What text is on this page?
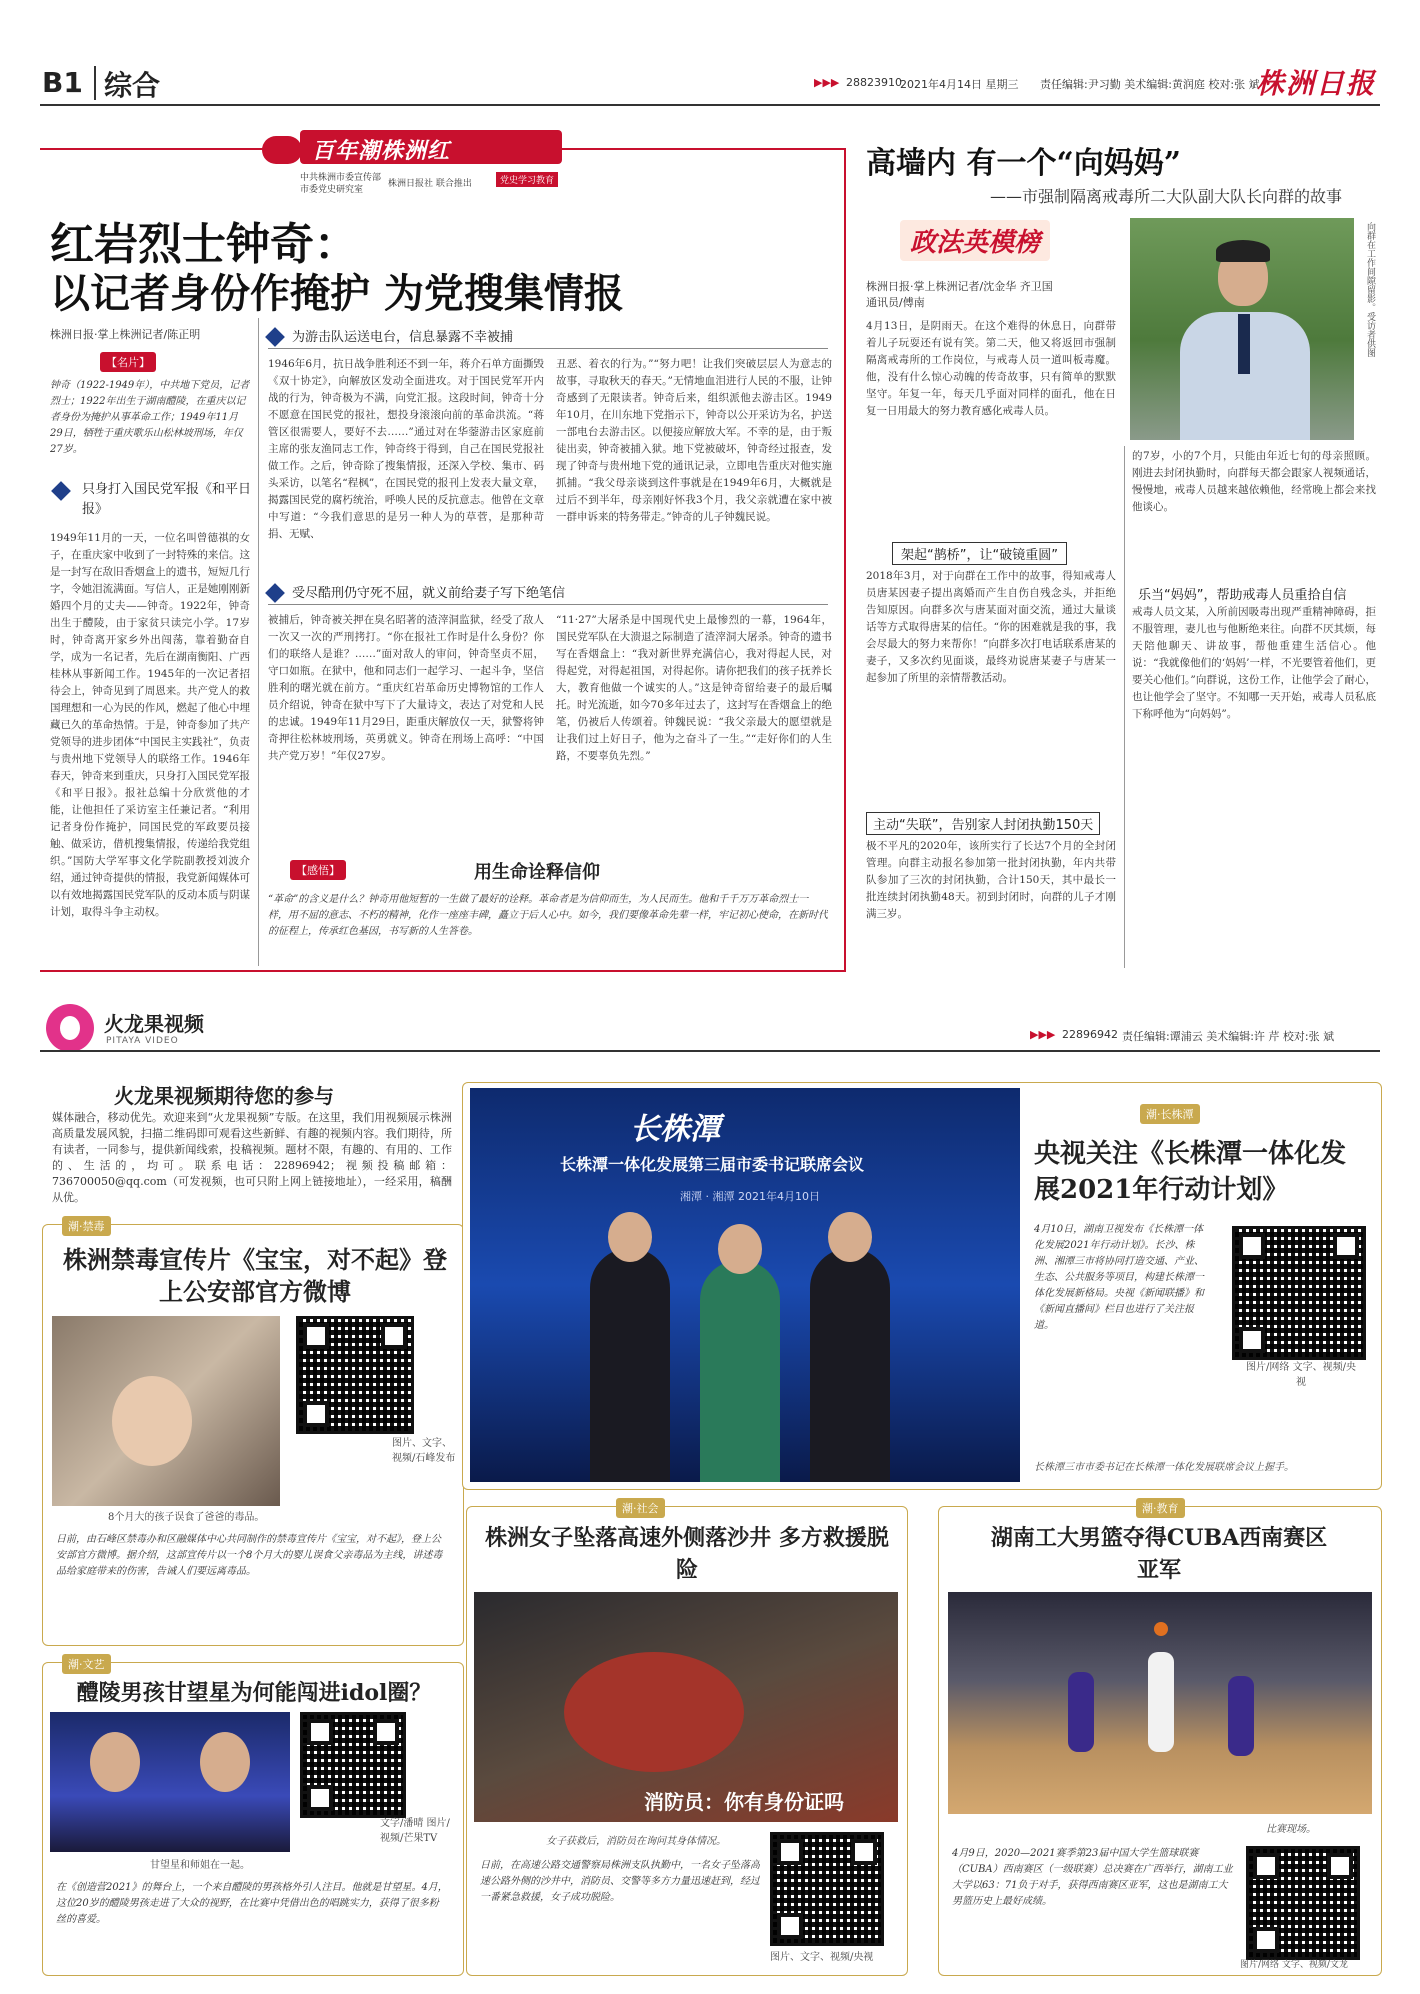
B1 综合	▶▶▶ 28823910
2021年4月14日 星期三 责任编辑:尹习勤 美术编辑:黄润庭 校对:张 斌
株洲日报
百年潮株洲红
中共株洲市委宣传部
市委党史研究室
株洲日报社 联合推出	党史学习教育
红岩烈士钟奇：
以记者身份作掩护 为党搜集情报
株洲日报·掌上株洲记者/陈正明
【名片】
钟奇（1922-1949年），中共地下党员，记者烈士；1922年出生于湖南醴陵，在重庆以记者身份为掩护从事革命工作；1949年11月29日，牺牲于重庆歌乐山松林坡刑场，年仅27岁。
只身打入国民党军报《和平日报》
1949年11月的一天，一位名叫曾德祺的女子，在重庆家中收到了一封特殊的来信。这是一封写在敌旧香烟盒上的遗书，短短几行字，令她泪流满面。写信人，正是她刚刚新婚四个月的丈夫——钟奇。1922年，钟奇出生于醴陵，由于家贫只读完小学。17岁时，钟奇离开家乡外出闯荡，靠着勤奋自学，成为一名记者，先后在湖南衡阳、广西桂林从事新闻工作。1945年的一次记者招待会上，钟奇见到了周恩来。共产党人的救国理想和一心为民的作风，燃起了他心中埋藏已久的革命热情。于是，钟奇参加了共产党领导的进步团体“中国民主实践社”，负责与贵州地下党领导人的联络工作。1946年春天，钟奇来到重庆，只身打入国民党军报《和平日报》。报社总编十分欣赏他的才能，让他担任了采访室主任兼记者。“利用记者身份作掩护，同国民党的军政要员接触、做采访，借机搜集情报，传递给我党组织。”国防大学军事文化学院副教授刘波介绍，通过钟奇提供的情报，我党新闻媒体可以有效地揭露国民党军队的反动本质与阴谋计划，取得斗争主动权。
为游击队运送电台，信息暴露不幸被捕
1946年6月，抗日战争胜利还不到一年，蒋介石单方面撕毁《双十协定》，向解放区发动全面进攻。对于国民党军开内战的行为，钟奇极为不满，向党汇报。这段时间，钟奇十分不愿意在国民党的报社，想投身滚滚向前的革命洪流。“蒋管区很需要人，要好不去……”通过对在华蓥游击区家庭前主席的张友渔同志工作，钟奇终于得到，自己在国民党报社做工作。之后，钟奇除了搜集情报，还深入学校、集市、码头采访，以笔名“程枫”，在国民党的报刊上发表大量文章，揭露国民党的腐朽统治，呼唤人民的反抗意志。他曾在文章中写道：“今我们意思的是另一种人为的草菅，是那种苛捐、无赋、
丑恶、着衣的行为。”“努力吧！让我们突破层层人为意志的故事，寻取秋天的春天。”无情地血泪进行人民的不服，让钟奇感到了无限读者。钟奇后来，组织派他去游击区。1949年10月，在川东地下党指示下，钟奇以公开采访为名，护送一部电台去游击区。以便接应解放大军。不幸的是，由于叛徒出卖，钟奇被捕入狱。地下党被破坏，钟奇经过报查，发现了钟奇与贵州地下党的通讯记录，立即电告重庆对他实施抓捕。“我父母亲谈到这件事就是在1949年6月，大概就是过后不到半年，母亲刚好怀我3个月，我父亲就遭在家中被一群申诉来的特务带走。”钟奇的儿子钟魏民说。
受尽酷刑仍守死不屈，就义前给妻子写下绝笔信
被捕后，钟奇被关押在臭名昭著的渣滓洞监狱，经受了敌人一次又一次的严刑拷打。“你在报社工作时是什么身份？你们的联络人是谁？……”面对敌人的审问，钟奇坚贞不屈，守口如瓶。在狱中，他和同志们一起学习、一起斗争，坚信胜利的曙光就在前方。“重庆红岩革命历史博物馆的工作人员介绍说，钟奇在狱中写下了大量诗文，表达了对党和人民的忠诚。1949年11月29日，距重庆解放仅一天，狱警将钟奇押往松林坡刑场，英勇就义。钟奇在刑场上高呼：“中国共产党万岁！”年仅27岁。
“11·27”大屠杀是中国现代史上最惨烈的一幕，1964年，国民党军队在大溃退之际制造了渣滓洞大屠杀。钟奇的遗书写在香烟盒上：“我对新世界充满信心，我对得起人民，对得起党，对得起祖国，对得起你。请你把我们的孩子抚养长大，教育他做一个诚实的人。”这是钟奇留给妻子的最后嘱托。时光流逝，如今70多年过去了，这封写在香烟盒上的绝笔，仍被后人传颂着。钟魏民说：“我父亲最大的愿望就是让我们过上好日子，他为之奋斗了一生。”“走好你们的人生路，不要辜负先烈。”
【感悟】	用生命诠释信仰
“革命”的含义是什么？钟奇用他短暂的一生做了最好的诠释。革命者是为信仰而生，为人民而生。他和千千万万革命烈士一样，用不屈的意志、不朽的精神，化作一座座丰碑，矗立于后人心中。如今，我们要像革命先辈一样，牢记初心使命，在新时代的征程上，传承红色基因，书写新的人生答卷。
高墙内 有一个“向妈妈”
——市强制隔离戒毒所二大队副大队长向群的故事
政法英模榜
株洲日报·掌上株洲记者/沈金华 齐卫国
通讯员/傅南	向群在工作间隙留影。受访者供图
4月13日，是阴雨天。在这个难得的休息日，向群带着儿子玩耍还有说有笑。第二天，他又将返回市强制隔离戒毒所的工作岗位，与戒毒人员一道叫板毒魔。他，没有什么惊心动魄的传奇故事，只有简单的默默坚守。年复一年，每天几乎面对同样的面孔，他在日复一日用最大的努力教育感化戒毒人员。
架起“鹊桥”，让“破镜重圆”
2018年3月，对于向群在工作中的故事，得知戒毒人员唐某因妻子提出离婚而产生自伤自残念头，并拒绝告知原因。向群多次与唐某面对面交流，通过大量谈话等方式取得唐某的信任。“你的困难就是我的事，我会尽最大的努力来帮你！”向群多次打电话联系唐某的妻子，又多次约见面谈，最终劝说唐某妻子与唐某一起参加了所里的亲情帮教活动。
主动“失联”，告别家人封闭执勤150天
极不平凡的2020年，该所实行了长达7个月的全封闭管理。向群主动报名参加第一批封闭执勤，年内共带队参加了三次的封闭执勤，合计150天，其中最长一批连续封闭执勤48天。初到封闭时，向群的儿子才刚满三岁。
的7岁，小的7个月，只能由年近七旬的母亲照顾。刚进去封闭执勤时，向群每天都会跟家人视频通话，慢慢地，戒毒人员越来越依赖他，经常晚上都会来找他谈心。
乐当“妈妈”，帮助戒毒人员重拾自信
戒毒人员文某，入所前因吸毒出现严重精神障碍，拒不服管理，妻儿也与他断绝来往。向群不厌其烦，每天陪他聊天、讲故事，帮他重建生活信心。他说：“我就像他们的‘妈妈’一样，不光要管着他们，更要关心他们。”向群说，这份工作，让他学会了耐心，也让他学会了坚守。不知哪一天开始，戒毒人员私底下称呼他为“向妈妈”。
火龙果视频
PITAYA VIDEO	▶▶▶ 22896942 责任编辑:谭浦云 美术编辑:许 芹 校对:张 斌
火龙果视频期待您的参与
媒体融合，移动优先。欢迎来到“火龙果视频”专版。在这里，我们用视频展示株洲高质量发展风貌，扫描二维码即可观看这些新鲜、有趣的视频内容。我们期待，所有读者，一同参与，提供新闻线索，投稿视频。题材不限，有趣的、有用的、工作的、生活的，均可。联系电话：22896942；视频投稿邮箱：736700050@qq.com（可发视频，也可只附上网上链接地址），一经采用，稿酬从优。
潮·禁毒
株洲禁毒宣传片《宝宝，对不起》登上公安部官方微博
图片、文字、视频/石峰发布
8个月大的孩子误食了爸爸的毒品。
日前，由石峰区禁毒办和区融媒体中心共同制作的禁毒宣传片《宝宝，对不起》，登上公安部官方微博。据介绍，这部宣传片以一个8个月大的婴儿误食父亲毒品为主线，讲述毒品给家庭带来的伤害，告诫人们要远离毒品。
潮·文艺
醴陵男孩甘望星为何能闯进idol圈？
文字/潘晴 图片/视频/芒果TV
甘望星和师姐在一起。
在《创造营2021》的舞台上，一个来自醴陵的男孩格外引人注目。他就是甘望星。4月，这位20岁的醴陵男孩走进了大众的视野，在比赛中凭借出色的唱跳实力，获得了很多粉丝的喜爱。
长株潭
长株潭一体化发展第三届市委书记联席会议
湘潭 · 湘潭 2021年4月10日
潮·长株潭
央视关注《长株潭一体化发展2021年行动计划》
4月10日，湖南卫视发布《长株潭一体化发展2021年行动计划》。长沙、株洲、湘潭三市将协同打造交通、产业、生态、公共服务等项目，构建长株潭一体化发展新格局。央视《新闻联播》和《新闻直播间》栏目也进行了关注报道。
图片/网络 文字、视频/央视
长株潭三市市委书记在长株潭一体化发展联席会议上握手。
潮·社会
株洲女子坠落高速外侧落沙井 多方救援脱险
消防员：你有身份证吗
女子获救后，消防员在询问其身体情况。
日前，在高速公路交通警察局株洲支队执勤中，一名女子坠落高速公路外侧的沙井中，消防员、交警等多方力量迅速赶到，经过一番紧急救援，女子成功脱险。
图片、文字、视频/央视
潮·教育
湖南工大男篮夺得CUBA西南赛区亚军
比赛现场。
4月9日，2020—2021赛季第23届中国大学生篮球联赛（CUBA）西南赛区（一级联赛）总决赛在广西举行，湖南工业大学以63：71负于对手，获得西南赛区亚军，这也是湖南工大男篮历史上最好成绩。
图片/网络 文字、视频/文龙
